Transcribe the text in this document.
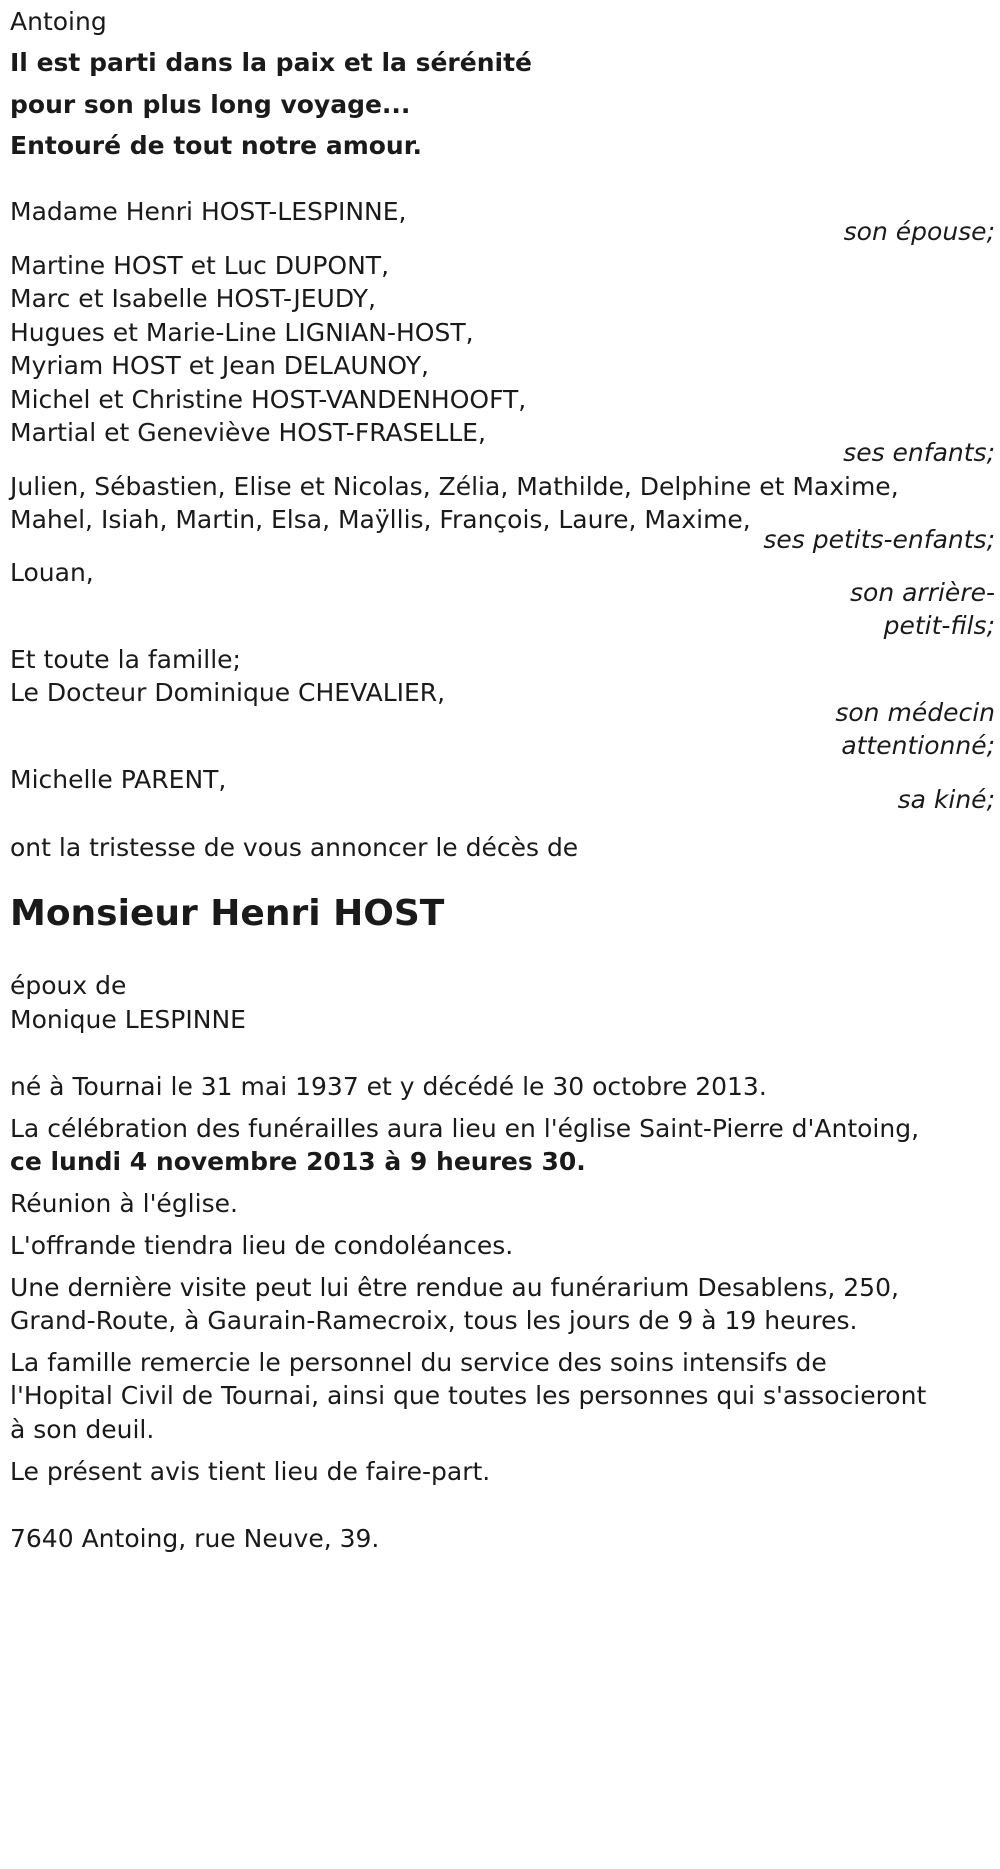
Antoing
Il est parti dans la paix et la sérénité
pour son plus long voyage...
Entouré de tout notre amour.
Madame Henri HOST-LESPINNE,
son épouse;
Martine HOST et Luc DUPONT,
Marc et Isabelle HOST-JEUDY,
Hugues et Marie-Line LIGNIAN-HOST,
Myriam HOST et Jean DELAUNOY,
Michel et Christine HOST-VANDENHOOFT,
Martial et Geneviève HOST-FRASELLE,
ses enfants;
Julien, Sébastien, Elise et Nicolas, Zélia, Mathilde, Delphine et Maxime,
Mahel, Isiah, Martin, Elsa, Maÿllis, François, Laure, Maxime,
ses petits-enfants;
Louan,
son arrière-
petit-fils;
Et toute la famille;
Le Docteur Dominique CHEVALIER,
son médecin
attentionné;
Michelle PARENT,
sa kiné;
ont la tristesse de vous annoncer le décès de
Monsieur Henri HOST
époux de
Monique LESPINNE
né à Tournai le 31 mai 1937 et y décédé le 30 octobre 2013.
La célébration des funérailles aura lieu en l'église Saint-Pierre d'Antoing,
ce lundi 4 novembre 2013 à 9 heures 30.
Réunion à l'église.
L'offrande tiendra lieu de condoléances.
Une dernière visite peut lui être rendue au funérarium Desablens, 250,
Grand-Route, à Gaurain-Ramecroix, tous les jours de 9 à 19 heures.
La famille remercie le personnel du service des soins intensifs de
l'Hopital Civil de Tournai, ainsi que toutes les personnes qui s'associeront
à son deuil.
Le présent avis tient lieu de faire-part.
7640 Antoing, rue Neuve, 39.
